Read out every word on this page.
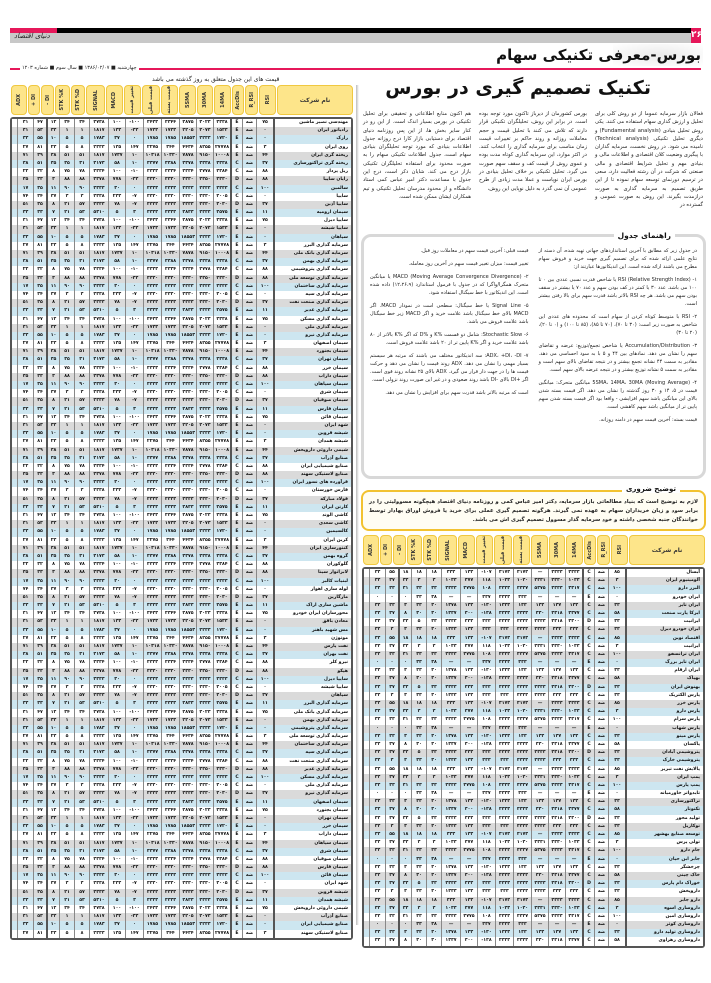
۲۶
دنیای اقتصاد
بورس-معرفی تکنیکی سهام
چهارشنبه ■ ۱۳۸۶/۰۲/۰۷ ■ سال سوم ■ شماره ۱۲۰۳
قیمت های این جدول متعلق به روز گذشته می باشد	تکنیک تصمیم گیری در بورس
فعالان بازار سرمایه عموما از دو روش کلی برای تحلیل و ارزش گذاری سهام استفاده می کنند. یکی روش تحلیل بنیادی (Fundamental analysis) و دیگری تحلیل تکنیکی (Technical analysis) نامیده می شود. در روش نخست، سرمایه گذاران با پیگیری وضعیت کلان اقتصادی و اطلاعات مالی و بنیادی مهم و تحلیل شرایط اقتصادی و مالی صنعتی که شرکت در آن رشته فعالیت دارد، سعی در ترسیم دورنمای توسعه سهام نموده تا از این طریق تصمیم به سرمایه گذاری به صورت درازمدت بگیرند. این روش به صورت عمومی و گسترده در
بورس کشورمان از دیرباز تاکنون مورد توجه بوده است. در برابر این روش، تحلیلگران تکنیکی قرار دارند که تلاش می کنند با تحلیل قیمت و حجم معاملات روزانه و روند حاکم بر تغییرات قیمت زمان مناسب برای سرمایه گذاری را انتخاب کنند. در اکثر موارد، این سرمایه گذاری کوتاه مدت بوده و عموی روش از قیمت کف و سقف سهم صورت می گیرد. تحلیل تکنیکی بر خلاف تحلیل بنیادی در بورس ایران نوپاست و عملا مدت زیادی از طرح عمومی آن نمی گذرد به دلیل نوپایی این روش،
هم اکنون منابع اطلاعاتی و تحقیقی برای تحلیل تکنیکی در بورس بسیار اندک است. از این رو در کنار سایر بخش ها، از این پس روزنامه دنیای اقتصاد برای دستیابی بازار کارا درج روزانه جدول اطلاعات بنیادی که مورد توجه تحلیلگران بنیادی سهام است، جدول اطلاعات تکنیکی سهام را به صورت محدود برای استفاده تحلیلگران تکنیکی بازار درج می کند. شایان ذکر است، درج این جدول با مساعدت دکتر امیر عباس کمی استاد دانشگاه و از محدود مدرسان تحلیل تکنیکی و تیم همکاران ایشان ممکن شده است.
راهنمای جدول

در جدول زیر که مطابق با آخرین استانداردهای جهانی تهیه شده، آن دسته از نتایج علمی ارائه شده که برای تصمیم گیری جهت خرید و فروش سهام مطرح می باشند ارائه شده است. این اندیکاتورها عبارتند از:

۱- RSI (Relative Strength Index) یا شاخص قدرت نسبی عددی بین ۰ تا ۱۰۰ می باشد. عدد ۳۰ یا کمتر در کف بودن سهم و عدد ۷۰ یا بیشتر در سقف بودن سهم می باشد. هر چه RSI بالاتر باشد قدرت سهم برای بالا رفتن بیشتر است.

۲- RSI با متوسط کوتاه کردن از سهام است که محدوده های عددی این شاخص به صورت زیر است: (۳۰ تا ۷۰)، (۷۰ تا ۸۵)، (۸۵ تا ۱۰۰) و (۰ تا ۲۰)، (۲۰ تا ۳۰)

۳- Accumulation/Distribution یا شاخص تجمع/توزیع: عرضه و تقاضای سهم را نشان می دهد. نمادهای بین ۴۴ و ۵ با به سود احساسی می دهد. مقادیر به سمت ۴۴ نشانه تجمع بیشتر و در نتیجه تقاضای بالای سهم است و مقادیر به سمت ۵ نشانه توزیع بیشتر و در نتیجه عرضه بالای سهم است.

۴- 5SMA، 14MA، 30MA (Moving Average) میانگین متحرک: میانگین قیمت در ۵، ۱۴ و ۳۰ روز گذشته را نشان می دهد. اگر قیمت بسته شدن بالای این میانگین باشد سهم افزایشی - واقعا بود اگر قیمت بسته شدن سهم پایین تر از میانگین باشد سهم کاهشی است.

قیمت بسته: آخرین قیمت سهم در دامنه روزانه.

قیمت قبلی: آخرین قیمت سهم در معاملات روز قبل.

تغییر قیمت: میزان تغییر قیمت سهم در آخرین روز معامله.

۲- MACD (Moving Average Convergence Divergence) یا میانگین متحرک همگرا/واگرا که در جدول با فرمول استاندارد (۱۲،۲۶،۹) داده شده است. این اندیکاتور با خط سیگنال استفاده شود.

۵- Signal Line یا خط سیگنال: سطحی است در نمودار MACD. اگر MACD بالای خط سیگنال باشد علامت خرید و اگر MACD زیر خط سیگنال باشد علامت فروش می باشد.

۶- Stochastic Slow: شامل دو قسمت %K و %D که اگر %K بالاتر از ۸۰ باشد علامت خرید و اگر %K پایین تر از ۲۰ باشد علامت فروش است.

۷- ADX، +DI، -DI: سه اندیکاتور مختلف می باشند که مرتبه هر سیستم بسیار مهمی را نشان می دهد. ADX روند قیمت را نشان می دهد و حرکت قیمت ها را در جهت دار قرار می گیرد. ADX بالای ۲۵ نشانه روند قوی است. اگر +DI بالای -DI باشد روند صعودی و در غیر این صورت روند نزولی است.

است که مرتبه بالاتر باشد قدرت سهم برای افزایش را نشان می دهد.

توضیح ضروری
لازم به توضیح است که بنیاد مطالعاتی بازار سرمایه، دکتر امیر عباس کمی و روزنامه دنیای اقتصاد هیچگونه مسوولیتی را در برابر سود و زیان خریداران سهام به عهده نمی گیرند. هرگونه تصمیم گیری عملی برای خرید یا فروش اوراق بهادار توسط خوانندگان جنبه شخصی داشته و خود سرمایه گذار مسوول تصمیم گیری اش می باشد.
نام شرکت
RSI
R_RSI
AccDis
14MA
30MA
5SMA
قیمت بسته
قیمت قبلی
تغییر قیمت
MACD
SIGNAL
STK %D
STK %K
- DI
+ DI
ADX
مهندسی نصیر ماشین
۷۵
ضه
E
۳۳۳۸
۳۰۲۳
۳۸۷۵
۳۳۴۴
۳۴۳۳
-۱۰۰
۱۰۰
۳۷۳۸
۳۴
۳۴
۱۲
۴۷
۳۱
رادیاتور ایران
۰
ضه
E
۱۵۳۳
۲۰۷۳
۲۲۰۵
۱۷۳۳
۱۷۳۳
-۳۳
۱۳۳
۱۸۱۷
۱
۱
۳۳
۵۳
۳۱
رازک
۰
ضه
E
۱۷۲۰
۲۲۳۳
۱۸۵۵۳
۱۷۸۵
۱۷۸۵
۰
۳۷
۱۷۸۳
۵
۵
۱۰
۵۵
۳۳
روی ایران
۳
ضه
E
۲۷۷۷۸
۸۲۵۵
۴۴۳۴
۳۴۴
۲۲۷۵
۱۴۷
۱۳۵
۲۳۳۳
۸
۵
۲۳
۸۱
۲۷
ریخته گری ایران
۴۴
ضه
E
۱۰۰۰۸
۹۱۵۰
۷۸۷۸
۱۰۳۳۰
۱۰۳۱۸
۱۰
۱۷۳۷
۱۸۱۷
۵۱
۵۱
۳۸
۳۹
۷۱
ریخته گری تراکتورسازی
۳۷
ضه
C
۳۳۳۸
۳۳۳۸
۳۳۷۸
۳۳۸۸
۳۳۷۷
۱۰
۵۸
۳۱۷۳
۳۱
۳۵
۳۵
۵۱
۳۸
ریل پرداز
۸۸
ضه
C
۳۳۸۴
۲۷۷۸
۳۳۳۴
۳۳۳۴
۳۳۳۳
-۱۰
۱۰۰
۳۳۳۴
۷۸
۷۵
۸
۳۲
۲۲
رایان ساپیا
۸۸
ضه
D
۳۳۳۰
۳۳۵۰
۳۳۳۰
۳۳۳۰
۳۳۳۰
-۳۳
۷۷۸
۳۳۷۸
۸۸
۸۸
۳
۳۳
۳۵
سالمین
۱۰۰
ضه
C
۳۳۳۳
۳۳۳۳
۳۳۳۳
۳۳۳۳
۳۳۳۳
۰
۳۰
۳۳۳۳
۹۰
۹۰
۱۱
۳۵
۱۷
سایپا
۰
ضه
C
۳۰۰۵
۳۳۳۰
۳۳۳۰
۳۳۳۰
۳۳۳۰
-۷
۲۳۳
۳۳۳۸
۳
۳
۳۷
۳۴
۷۴
سایپا آذین
۳۷
ضه
D
۳۰۳۰
۳۳۳۰
۳۳۳۳
۳۳۳۳
۳۳۳۳
-۷
۷۸
۳۳۳۳
۵۷
۲۱
۸
۳۵
۵۱
سیمان ارومیه
۱۱
ضه
E
۳۵۷۵
۳۳۳۳
۳۸۳۳
۳۳۳۳
۳۳۳۳
۳
۵
۵۳۱۰
۵۳
۲۱
۷
۳۳
۳۳
سایپا دیزل
۷۵
ضه
E
۳۳۳۸
۳۰۲۳
۳۸۷۵
۳۳۴۴
۳۴۳۳
-۱۰۰
۱۰۰
۳۷۳۸
۳۴
۳۴
۱۲
۴۷
۳۱
سایپا شیشه
۰
ضه
E
۱۵۳۳
۲۰۷۳
۲۲۰۵
۱۷۳۳
۱۷۳۳
-۳۳
۱۳۳
۱۸۱۷
۱
۱
۳۳
۵۳
۳۱
سپاهان
۰
ضه
E
۱۷۲۰
۲۲۳۳
۱۸۵۵۳
۱۷۸۵
۱۷۸۵
۰
۳۷
۱۷۸۳
۵
۵
۱۰
۵۵
۳۳
سرمایه گذاری البرز
۳
ضه
E
۲۷۷۷۸
۸۲۵۵
۴۴۳۴
۳۴۴
۲۲۷۵
۱۴۷
۱۳۵
۲۳۳۳
۸
۵
۲۳
۸۱
۲۷
سرمایه گذاری بانک ملی
۴۴
ضه
E
۱۰۰۰۸
۹۱۵۰
۷۸۷۸
۱۰۳۳۰
۱۰۳۱۸
۱۰
۱۷۳۷
۱۸۱۷
۵۱
۵۱
۳۸
۳۹
۷۱
سرمایه گذاری بهمن
۳۷
ضه
C
۳۳۳۸
۳۳۳۸
۳۳۷۸
۳۳۸۸
۳۳۷۷
۱۰
۵۸
۳۱۷۳
۳۱
۳۵
۳۵
۵۱
۳۸
سرمایه گذاری پتروشیمی
۸۸
ضه
C
۳۳۸۴
۲۷۷۸
۳۳۳۴
۳۳۳۴
۳۳۳۳
-۱۰
۱۰۰
۳۳۳۴
۷۸
۷۵
۸
۳۲
۲۲
سرمایه گذاری توسعه ملی
۸۸
ضه
D
۳۳۳۰
۳۳۵۰
۳۳۳۰
۳۳۳۰
۳۳۳۰
-۳۳
۷۷۸
۳۳۷۸
۸۸
۸۸
۳
۳۳
۳۵
سرمایه گذاری ساختمان
۱۰۰
ضه
C
۳۳۳۳
۳۳۳۳
۳۳۳۳
۳۳۳۳
۳۳۳۳
۰
۳۰
۳۳۳۳
۹۰
۹۰
۱۱
۳۵
۱۷
سرمایه گذاری سپه
۰
ضه
C
۳۰۰۵
۳۳۳۰
۳۳۳۰
۳۳۳۰
۳۳۳۰
-۷
۲۳۳
۳۳۳۸
۳
۳
۳۷
۳۴
۷۴
سرمایه گذاری صنعت نفت
۳۷
ضه
D
۳۰۳۰
۳۳۳۰
۳۳۳۳
۳۳۳۳
۳۳۳۳
-۷
۷۸
۳۳۳۳
۵۷
۲۱
۸
۳۵
۵۱
سرمایه گذاری غدیر
۱۱
ضه
E
۳۵۷۵
۳۳۳۳
۳۸۳۳
۳۳۳۳
۳۳۳۳
۳
۵
۵۳۱۰
۵۳
۲۱
۷
۳۳
۳۳
سرمایه گذاری مسکن
۷۵
ضه
E
۳۳۳۸
۳۰۲۳
۳۸۷۵
۳۳۴۴
۳۴۳۳
-۱۰۰
۱۰۰
۳۷۳۸
۳۴
۳۴
۱۲
۴۷
۳۱
سرمایه گذاری ملی
۰
ضه
E
۱۵۳۳
۲۰۷۳
۲۲۰۵
۱۷۳۳
۱۷۳۳
-۳۳
۱۳۳
۱۸۱۷
۱
۱
۳۳
۵۳
۳۱
سرمایه گذاری نیرو
۰
ضه
E
۱۷۲۰
۲۲۳۳
۱۸۵۵۳
۱۷۸۵
۱۷۸۵
۰
۳۷
۱۷۸۳
۵
۵
۱۰
۵۵
۳۳
سیمان اصفهان
۳
ضه
E
۲۷۷۷۸
۸۲۵۵
۴۴۳۴
۳۴۴
۲۲۷۵
۱۴۷
۱۳۵
۲۳۳۳
۸
۵
۲۳
۸۱
۲۷
سیمان بجنورد
۴۴
ضه
E
۱۰۰۰۸
۹۱۵۰
۷۸۷۸
۱۰۳۳۰
۱۰۳۱۸
۱۰
۱۷۳۷
۱۸۱۷
۵۱
۵۱
۳۸
۳۹
۷۱
سیمان تهران
۳۷
ضه
C
۳۳۳۸
۳۳۳۸
۳۳۷۸
۳۳۸۸
۳۳۷۷
۱۰
۵۸
۳۱۷۳
۳۱
۳۵
۳۵
۵۱
۳۸
سیمان خزر
۸۸
ضه
C
۳۳۸۴
۲۷۷۸
۳۳۳۴
۳۳۳۴
۳۳۳۳
-۱۰
۱۰۰
۳۳۳۴
۷۸
۷۵
۸
۳۲
۲۲
سیمان داراب
۸۸
ضه
D
۳۳۳۰
۳۳۵۰
۳۳۳۰
۳۳۳۰
۳۳۳۰
-۳۳
۷۷۸
۳۳۷۸
۸۸
۸۸
۳
۳۳
۳۵
سیمان سپاهان
۱۰۰
ضه
C
۳۳۳۳
۳۳۳۳
۳۳۳۳
۳۳۳۳
۳۳۳۳
۰
۳۰
۳۳۳۳
۹۰
۹۰
۱۱
۳۵
۱۷
سیمان شرق
۰
ضه
C
۳۰۰۵
۳۳۳۰
۳۳۳۰
۳۳۳۰
۳۳۳۰
-۷
۲۳۳
۳۳۳۸
۳
۳
۳۷
۳۴
۷۴
سیمان صوفیان
۳۷
ضه
D
۳۰۳۰
۳۳۳۰
۳۳۳۳
۳۳۳۳
۳۳۳۳
-۷
۷۸
۳۳۳۳
۵۷
۲۱
۸
۳۵
۵۱
سیمان فارس
۱۱
ضه
E
۳۵۷۵
۳۳۳۳
۳۸۳۳
۳۳۳۳
۳۳۳۳
۳
۵
۵۳۱۰
۵۳
۲۱
۷
۳۳
۳۳
سیمان قائن
۷۵
ضه
E
۳۳۳۸
۳۰۲۳
۳۸۷۵
۳۳۴۴
۳۴۳۳
-۱۰۰
۱۰۰
۳۷۳۸
۳۴
۳۴
۱۲
۴۷
۳۱
شهد ایران
۰
ضه
E
۱۵۳۳
۲۰۷۳
۲۲۰۵
۱۷۳۳
۱۷۳۳
-۳۳
۱۳۳
۱۸۱۷
۱
۱
۳۳
۵۳
۳۱
شیشه قزوین
۰
ضه
E
۱۷۲۰
۲۲۳۳
۱۸۵۵۳
۱۷۸۵
۱۷۸۵
۰
۳۷
۱۷۸۳
۵
۵
۱۰
۵۵
۳۳
شیشه همدان
۳
ضه
E
۲۷۷۷۸
۸۲۵۵
۴۴۳۴
۳۴۴
۲۲۷۵
۱۴۷
۱۳۵
۲۳۳۳
۸
۵
۲۳
۸۱
۲۷
شیمی داروئی داروپخش
۴۴
ضه
E
۱۰۰۰۸
۹۱۵۰
۷۸۷۸
۱۰۳۳۰
۱۰۳۱۸
۱۰
۱۷۳۷
۱۸۱۷
۵۱
۵۱
۳۸
۳۹
۷۱
صنایع آذرآب
۳۷
ضه
C
۳۳۳۸
۳۳۳۸
۳۳۷۸
۳۳۸۸
۳۳۷۷
۱۰
۵۸
۳۱۷۳
۳۱
۳۵
۳۵
۵۱
۳۸
صنایع شیمیایی ایران
۸۸
ضه
C
۳۳۸۴
۲۷۷۸
۳۳۳۴
۳۳۳۴
۳۳۳۳
-۱۰
۱۰۰
۳۳۳۴
۷۸
۷۵
۸
۳۲
۲۲
صنایع لاستیکی سهند
۸۸
ضه
D
۳۳۳۰
۳۳۵۰
۳۳۳۰
۳۳۳۰
۳۳۳۰
-۳۳
۷۷۸
۳۳۷۸
۸۸
۸۸
۳
۳۳
۳۵
فرآورده های نسوز ایران
۱۰۰
ضه
C
۳۳۳۳
۳۳۳۳
۳۳۳۳
۳۳۳۳
۳۳۳۳
۰
۳۰
۳۳۳۳
۹۰
۹۰
۱۱
۳۵
۱۷
فارس خوزستان
۰
ضه
C
۳۰۰۵
۳۳۳۰
۳۳۳۰
۳۳۳۰
۳۳۳۰
-۷
۲۳۳
۳۳۳۸
۳
۳
۳۷
۳۴
۷۴
فولاد مبارکه
۳۷
ضه
D
۳۰۳۰
۳۳۳۰
۳۳۳۳
۳۳۳۳
۳۳۳۳
-۷
۷۸
۳۳۳۳
۵۷
۲۱
۸
۳۵
۵۱
کارتن ایران
۱۱
ضه
E
۳۵۷۵
۳۳۳۳
۳۸۳۳
۳۳۳۳
۳۳۳۳
۳
۵
۵۳۱۰
۵۳
۲۱
۷
۳۳
۳۳
کاشی الوند
۷۵
ضه
E
۳۳۳۸
۳۰۲۳
۳۸۷۵
۳۳۴۴
۳۴۳۳
-۱۰۰
۱۰۰
۳۷۳۸
۳۴
۳۴
۱۲
۴۷
۳۱
کاشی سعدی
۰
ضه
E
۱۵۳۳
۲۰۷۳
۲۲۰۵
۱۷۳۳
۱۷۳۳
-۳۳
۱۳۳
۱۸۱۷
۱
۱
۳۳
۵۳
۳۱
کالسیمین
۰
ضه
E
۱۷۲۰
۲۲۳۳
۱۸۵۵۳
۱۷۸۵
۱۷۸۵
۰
۳۷
۱۷۸۳
۵
۵
۱۰
۵۵
۳۳
کربن ایران
۳
ضه
E
۲۷۷۷۸
۸۲۵۵
۴۴۳۴
۳۴۴
۲۲۷۵
۱۴۷
۱۳۵
۲۳۳۳
۸
۵
۲۳
۸۱
۲۷
کنتورسازی ایران
۴۴
ضه
E
۱۰۰۰۸
۹۱۵۰
۷۸۷۸
۱۰۳۳۰
۱۰۳۱۸
۱۰
۱۷۳۷
۱۸۱۷
۵۱
۵۱
۳۸
۳۹
۷۱
گروه بهمن
۳۷
ضه
C
۳۳۳۸
۳۳۳۸
۳۳۷۸
۳۳۸۸
۳۳۷۷
۱۰
۵۸
۳۱۷۳
۳۱
۳۵
۳۵
۵۱
۳۸
گلوکوزان
۸۸
ضه
C
۳۳۸۴
۲۷۷۸
۳۳۳۴
۳۳۳۴
۳۳۳۳
-۱۰
۱۰۰
۳۳۳۴
۷۸
۷۵
۸
۳۲
۲۲
لابراتوار سینا
۸۸
ضه
D
۳۳۳۰
۳۳۵۰
۳۳۳۰
۳۳۳۰
۳۳۳۰
-۳۳
۷۷۸
۳۳۷۸
۸۸
۸۸
۳
۳۳
۳۵
لبنیات کالبر
۱۰۰
ضه
C
۳۳۳۳
۳۳۳۳
۳۳۳۳
۳۳۳۳
۳۳۳۳
۰
۳۰
۳۳۳۳
۹۰
۹۰
۱۱
۳۵
۱۷
لوله سازی اهواز
۰
ضه
C
۳۰۰۵
۳۳۳۰
۳۳۳۰
۳۳۳۰
۳۳۳۰
-۷
۲۳۳
۳۳۳۸
۳
۳
۳۷
۳۴
۷۴
مارگارین
۳۷
ضه
D
۳۰۳۰
۳۳۳۰
۳۳۳۳
۳۳۳۳
۳۳۳۳
-۷
۷۸
۳۳۳۳
۵۷
۲۱
۸
۳۵
۵۱
ماشین سازی اراک
۱۱
ضه
E
۳۵۷۵
۳۳۳۳
۳۸۳۳
۳۳۳۳
۳۳۳۳
۳
۵
۵۳۱۰
۵۳
۲۱
۷
۳۳
۳۳
محورسازان ایران خودرو
۷۵
ضه
E
۳۳۳۸
۳۰۲۳
۳۸۷۵
۳۳۴۴
۳۴۳۳
-۱۰۰
۱۰۰
۳۷۳۸
۳۴
۳۴
۱۲
۴۷
۳۱
معادن بافق
۰
ضه
E
۱۵۳۳
۲۰۷۳
۲۲۰۵
۱۷۳۳
۱۷۳۳
-۳۳
۱۳۳
۱۸۱۷
۱
۱
۳۳
۵۳
۳۱
مس شهید باهنر
۰
ضه
E
۱۷۲۰
۲۲۳۳
۱۸۵۵۳
۱۷۸۵
۱۷۸۵
۰
۳۷
۱۷۸۳
۵
۵
۱۰
۵۵
۳۳
موتوژن
۳
ضه
E
۲۷۷۷۸
۸۲۵۵
۴۴۳۴
۳۴۴
۲۲۷۵
۱۴۷
۱۳۵
۲۳۳۳
۸
۵
۲۳
۸۱
۲۷
نفت پارس
۴۴
ضه
E
۱۰۰۰۸
۹۱۵۰
۷۸۷۸
۱۰۳۳۰
۱۰۳۱۸
۱۰
۱۷۳۷
۱۸۱۷
۵۱
۵۱
۳۸
۳۹
۷۱
نفت بهران
۳۷
ضه
C
۳۳۳۸
۳۳۳۸
۳۳۷۸
۳۳۸۸
۳۳۷۷
۱۰
۵۸
۳۱۷۳
۳۱
۳۵
۳۵
۵۱
۳۸
نیرو کلر
۸۸
ضه
C
۳۳۸۴
۲۷۷۸
۳۳۳۴
۳۳۳۴
۳۳۳۳
-۱۰
۱۰۰
۳۳۳۴
۷۸
۷۵
۸
۳۲
۲۲
هپکو
۸۸
ضه
D
۳۳۳۰
۳۳۵۰
۳۳۳۰
۳۳۳۰
۳۳۳۰
-۳۳
۷۷۸
۳۳۷۸
۸۸
۸۸
۳
۳۳
۳۵
سایپا دیزل
۱۰۰
ضه
C
۳۳۳۳
۳۳۳۳
۳۳۳۳
۳۳۳۳
۳۳۳۳
۰
۳۰
۳۳۳۳
۹۰
۹۰
۱۱
۳۵
۱۷
سایپا شیشه
۰
ضه
C
۳۰۰۵
۳۳۳۰
۳۳۳۰
۳۳۳۰
۳۳۳۰
-۷
۲۳۳
۳۳۳۸
۳
۳
۳۷
۳۴
۷۴
سپاهان
۳۷
ضه
D
۳۰۳۰
۳۳۳۰
۳۳۳۳
۳۳۳۳
۳۳۳۳
-۷
۷۸
۳۳۳۳
۵۷
۲۱
۸
۳۵
۵۱
سرمایه گذاری البرز
۱۱
ضه
E
۳۵۷۵
۳۳۳۳
۳۸۳۳
۳۳۳۳
۳۳۳۳
۳
۵
۵۳۱۰
۵۳
۲۱
۷
۳۳
۳۳
سرمایه گذاری بانک ملی
۷۵
ضه
E
۳۳۳۸
۳۰۲۳
۳۸۷۵
۳۳۴۴
۳۴۳۳
-۱۰۰
۱۰۰
۳۷۳۸
۳۴
۳۴
۱۲
۴۷
۳۱
سرمایه گذاری بهمن
۰
ضه
E
۱۵۳۳
۲۰۷۳
۲۲۰۵
۱۷۳۳
۱۷۳۳
-۳۳
۱۳۳
۱۸۱۷
۱
۱
۳۳
۵۳
۳۱
سرمایه گذاری پتروشیمی
۰
ضه
E
۱۷۲۰
۲۲۳۳
۱۸۵۵۳
۱۷۸۵
۱۷۸۵
۰
۳۷
۱۷۸۳
۵
۵
۱۰
۵۵
۳۳
سرمایه گذاری توسعه ملی
۳
ضه
E
۲۷۷۷۸
۸۲۵۵
۴۴۳۴
۳۴۴
۲۲۷۵
۱۴۷
۱۳۵
۲۳۳۳
۸
۵
۲۳
۸۱
۲۷
سرمایه گذاری ساختمان
۴۴
ضه
E
۱۰۰۰۸
۹۱۵۰
۷۸۷۸
۱۰۳۳۰
۱۰۳۱۸
۱۰
۱۷۳۷
۱۸۱۷
۵۱
۵۱
۳۸
۳۹
۷۱
سرمایه گذاری سپه
۳۷
ضه
C
۳۳۳۸
۳۳۳۸
۳۳۷۸
۳۳۸۸
۳۳۷۷
۱۰
۵۸
۳۱۷۳
۳۱
۳۵
۳۵
۵۱
۳۸
سرمایه گذاری صنعت نفت
۸۸
ضه
C
۳۳۸۴
۲۷۷۸
۳۳۳۴
۳۳۳۴
۳۳۳۳
-۱۰
۱۰۰
۳۳۳۴
۷۸
۷۵
۸
۳۲
۲۲
سرمایه گذاری غدیر
۸۸
ضه
D
۳۳۳۰
۳۳۵۰
۳۳۳۰
۳۳۳۰
۳۳۳۰
-۳۳
۷۷۸
۳۳۷۸
۸۸
۸۸
۳
۳۳
۳۵
سرمایه گذاری مسکن
۱۰۰
ضه
C
۳۳۳۳
۳۳۳۳
۳۳۳۳
۳۳۳۳
۳۳۳۳
۰
۳۰
۳۳۳۳
۹۰
۹۰
۱۱
۳۵
۱۷
سرمایه گذاری ملی
۰
ضه
C
۳۰۰۵
۳۳۳۰
۳۳۳۰
۳۳۳۰
۳۳۳۰
-۷
۲۳۳
۳۳۳۸
۳
۳
۳۷
۳۴
۷۴
سرمایه گذاری نیرو
۳۷
ضه
D
۳۰۳۰
۳۳۳۰
۳۳۳۳
۳۳۳۳
۳۳۳۳
-۷
۷۸
۳۳۳۳
۵۷
۲۱
۸
۳۵
۵۱
سیمان اصفهان
۱۱
ضه
E
۳۵۷۵
۳۳۳۳
۳۸۳۳
۳۳۳۳
۳۳۳۳
۳
۵
۵۳۱۰
۵۳
۲۱
۷
۳۳
۳۳
سیمان بجنورد
۷۵
ضه
E
۳۳۳۸
۳۰۲۳
۳۸۷۵
۳۳۴۴
۳۴۳۳
-۱۰۰
۱۰۰
۳۷۳۸
۳۴
۳۴
۱۲
۴۷
۳۱
سیمان تهران
۰
ضه
E
۱۵۳۳
۲۰۷۳
۲۲۰۵
۱۷۳۳
۱۷۳۳
-۳۳
۱۳۳
۱۸۱۷
۱
۱
۳۳
۵۳
۳۱
سیمان خزر
۰
ضه
E
۱۷۲۰
۲۲۳۳
۱۸۵۵۳
۱۷۸۵
۱۷۸۵
۰
۳۷
۱۷۸۳
۵
۵
۱۰
۵۵
۳۳
سیمان داراب
۳
ضه
E
۲۷۷۷۸
۸۲۵۵
۴۴۳۴
۳۴۴
۲۲۷۵
۱۴۷
۱۳۵
۲۳۳۳
۸
۵
۲۳
۸۱
۲۷
سیمان سپاهان
۴۴
ضه
E
۱۰۰۰۸
۹۱۵۰
۷۸۷۸
۱۰۳۳۰
۱۰۳۱۸
۱۰
۱۷۳۷
۱۸۱۷
۵۱
۵۱
۳۸
۳۹
۷۱
سیمان شرق
۳۷
ضه
C
۳۳۳۸
۳۳۳۸
۳۳۷۸
۳۳۸۸
۳۳۷۷
۱۰
۵۸
۳۱۷۳
۳۱
۳۵
۳۵
۵۱
۳۸
سیمان صوفیان
۸۸
ضه
C
۳۳۸۴
۲۷۷۸
۳۳۳۴
۳۳۳۴
۳۳۳۳
-۱۰
۱۰۰
۳۳۳۴
۷۸
۷۵
۸
۳۲
۲۲
سیمان فارس
۸۸
ضه
D
۳۳۳۰
۳۳۵۰
۳۳۳۰
۳۳۳۰
۳۳۳۰
-۳۳
۷۷۸
۳۳۷۸
۸۸
۸۸
۳
۳۳
۳۵
سیمان قائن
۱۰۰
ضه
C
۳۳۳۳
۳۳۳۳
۳۳۳۳
۳۳۳۳
۳۳۳۳
۰
۳۰
۳۳۳۳
۹۰
۹۰
۱۱
۳۵
۱۷
شهد ایران
۰
ضه
C
۳۰۰۵
۳۳۳۰
۳۳۳۰
۳۳۳۰
۳۳۳۰
-۷
۲۳۳
۳۳۳۸
۳
۳
۳۷
۳۴
۷۴
شیشه قزوین
۳۷
ضه
D
۳۰۳۰
۳۳۳۰
۳۳۳۳
۳۳۳۳
۳۳۳۳
-۷
۷۸
۳۳۳۳
۵۷
۲۱
۸
۳۵
۵۱
شیشه همدان
۱۱
ضه
E
۳۵۷۵
۳۳۳۳
۳۸۳۳
۳۳۳۳
۳۳۳۳
۳
۵
۵۳۱۰
۵۳
۲۱
۷
۳۳
۳۳
شیمی داروئی داروپخش
۷۵
ضه
E
۳۳۳۸
۳۰۲۳
۳۸۷۵
۳۳۴۴
۳۴۳۳
-۱۰۰
۱۰۰
۳۷۳۸
۳۴
۳۴
۱۲
۴۷
۳۱
صنایع آذرآب
۰
ضه
E
۱۵۳۳
۲۰۷۳
۲۲۰۵
۱۷۳۳
۱۷۳۳
-۳۳
۱۳۳
۱۸۱۷
۱
۱
۳۳
۵۳
۳۱
صنایع شیمیایی ایران
۰
ضه
E
۱۷۲۰
۲۲۳۳
۱۸۵۵۳
۱۷۸۵
۱۷۸۵
۰
۳۷
۱۷۸۳
۵
۵
۱۰
۵۵
۳۳
صنایع لاستیکی سهند
۳
ضه
E
۲۷۷۷۸
۸۲۵۵
۴۴۳۴
۳۴۴
۲۲۷۵
۱۴۷
۱۳۵
۲۳۳۳
۸
۵
۲۳
۸۱
۲۷
نام شرکت
RSI
R_RSI
AccDis
14MA
30MA
5SMA
قیمت بسته
قیمت قبلی
تغییر قیمت
MACD
SIGNAL
STK %D
STK %K
- DI
+ DI
ADX
آبسال
۸۵
ضه
C
۳۳۳۳
۳۳۳۳
—
۳۱۷۳
۳۱۷۳
-۱۰۷
۱۳۳
۳۳۳
۱۸
۱۸
۱۸
۵۵
۳۳
آلومینیوم ایران
۳
ضه
C
۱۰۳۳
۳۳۳۰
۳۳۳۱
۱۰۳۰
۱۰۳۳
۱۱۸
۳۷۷
۱۰۳۳
۳
۳
۳۳
۳۷
۳۳
البرز دارو
۱۰۰
ضه
C
۳۳۱۷
۳۳۳۳
۵۳۷۵
۳۳۳۷
۳۳۳۳
۱۰۸
۳۷۷۵
۳۳۳۳
۳۳
۳۳
۳۱
۳۳
۳۳
ایران خودرو
۰
ضه
E
—
—
—
۳۳۳
۳۳۳۳
۳۳۷
—
—
۳۸
۳۳
۰
۰
۰
ایران تایر
۳۳
ضه
C
۱۳۳
۱۳۷
۱۳۳
۱۳۳
۱۳۳۳
-۱۳۰
۱۳۳
۱۳۷۸
۳۰
۳۳
۳
۳۳
۳۳
ایرکا پارت صنعت
۵۸
ضه
C
۳۳۷۷
۳۳۱۸
۳۳۰
۳۳۳۳
۳۳۳۳
-۱۳۸
۳۰۰
۱۳۳۷
۳۰
۳۰
۸
۳۷
۳۳
ایرانیت
۳۳
ضه
D
۳۳۰۰
۳۳۱۸
۳۳۳۳
۳۳۳۳
۳۳۳۳
۳۳۳
۳۳۳
۳۳۳۳
۳۳
۵
۳۳
۳۷
۳۳
ایران خودرو دیزل
۳۳
ضه
C
۳۳۳
۳۳۳
۳۳۳۳
۳۳۳۳
۳۳۳
۳۳۳
۱۳۳
۱۳۳۳
۳۰
۳۳
۳
۳
۳۳
اقتصاد نوین
۸۵
ضه
C
۳۳۳۳
۳۳۳۳
—
۳۱۷۳
۳۱۷۳
-۱۰۷
۱۳۳
۳۳۳
۱۸
۱۸
۱۸
۵۵
۳۳
ایرانیت
۳
ضه
C
۱۰۳۳
۳۳۳۰
۳۳۳۱
۱۰۳۰
۱۰۳۳
۱۱۸
۳۷۷
۱۰۳۳
۳
۳
۳۳
۳۷
۳۳
ایران ترانسفو
۱۰۰
ضه
C
۳۳۱۷
۳۳۳۳
۵۳۷۵
۳۳۳۷
۳۳۳۳
۱۰۸
۳۷۷۵
۳۳۳۳
۳۳
۳۳
۳۱
۳۳
۳۳
ایران تایر بزرگ
۰
ضه
E
—
—
—
۳۳۳
۳۳۳۳
۳۳۷
—
—
۳۸
۳۳
۰
۰
۰
ایران ارقام
۳۳
ضه
C
۱۳۳
۱۳۷
۱۳۳
۱۳۳
۱۳۳۳
-۱۳۰
۱۳۳
۱۳۷۸
۳۰
۳۳
۳
۳۳
۳۳
بهپاک
۵۸
ضه
C
۳۳۷۷
۳۳۱۸
۳۳۰
۳۳۳۳
۳۳۳۳
-۱۳۸
۳۰۰
۱۳۳۷
۳۰
۳۰
۸
۳۷
۳۳
بهنوش ایران
۳۳
ضه
D
۳۳۰۰
۳۳۱۸
۳۳۳۳
۳۳۳۳
۳۳۳۳
۳۳۳
۳۳۳
۳۳۳۳
۳۳
۵
۳۳
۳۷
۳۳
پارس الکتریک
۳۳
ضه
C
۳۳۳
۳۳۳
۳۳۳۳
۳۳۳۳
۳۳۳
۳۳۳
۱۳۳
۱۳۳۳
۳۰
۳۳
۳
۳
۳۳
پارس خزر
۸۵
ضه
C
۳۳۳۳
۳۳۳۳
—
۳۱۷۳
۳۱۷۳
-۱۰۷
۱۳۳
۳۳۳
۱۸
۱۸
۱۸
۵۵
۳۳
پارس دارو
۳
ضه
C
۱۰۳۳
۳۳۳۰
۳۳۳۱
۱۰۳۰
۱۰۳۳
۱۱۸
۳۷۷
۱۰۳۳
۳
۳
۳۳
۳۷
۳۳
پارس سرام
۱۰۰
ضه
C
۳۳۱۷
۳۳۳۳
۵۳۷۵
۳۳۳۷
۳۳۳۳
۱۰۸
۳۷۷۵
۳۳۳۳
۳۳
۳۳
۳۱
۳۳
۳۳
پارس شهاب
۰
ضه
E
—
—
—
۳۳۳
۳۳۳۳
۳۳۷
—
—
۳۸
۳۳
۰
۰
۰
پارس مینو
۳۳
ضه
C
۱۳۳
۱۳۷
۱۳۳
۱۳۳
۱۳۳۳
-۱۳۰
۱۳۳
۱۳۷۸
۳۰
۳۳
۳
۳۳
۳۳
پاکسان
۵۸
ضه
C
۳۳۷۷
۳۳۱۸
۳۳۰
۳۳۳۳
۳۳۳۳
-۱۳۸
۳۰۰
۱۳۳۷
۳۰
۳۰
۸
۳۷
۳۳
پتروشیمی آبادان
۳۳
ضه
D
۳۳۰۰
۳۳۱۸
۳۳۳۳
۳۳۳۳
۳۳۳۳
۳۳۳
۳۳۳
۳۳۳۳
۳۳
۵
۳۳
۳۷
۳۳
پتروشیمی خارک
۳۳
ضه
C
۳۳۳
۳۳۳
۳۳۳۳
۳۳۳۳
۳۳۳
۳۳۳
۱۳۳
۱۳۳۳
۳۰
۳۳
۳
۳
۳۳
پالایش نفت تبریز
۸۵
ضه
C
۳۳۳۳
۳۳۳۳
—
۳۱۷۳
۳۱۷۳
-۱۰۷
۱۳۳
۳۳۳
۱۸
۱۸
۱۸
۵۵
۳۳
پمپ ایران
۳
ضه
C
۱۰۳۳
۳۳۳۰
۳۳۳۱
۱۰۳۰
۱۰۳۳
۱۱۸
۳۷۷
۱۰۳۳
۳
۳
۳۳
۳۷
۳۳
پمپ پارس
۱۰۰
ضه
C
۳۳۱۷
۳۳۳۳
۵۳۷۵
۳۳۳۷
۳۳۳۳
۱۰۸
۳۷۷۵
۳۳۳۳
۳۳
۳۳
۳۱
۳۳
۳۳
تایدواتر خاورمیانه
۰
ضه
E
—
—
—
۳۳۳
۳۳۳۳
۳۳۷
—
—
۳۸
۳۳
۰
۰
۰
تراکتورسازی
۳۳
ضه
C
۱۳۳
۱۳۷
۱۳۳
۱۳۳
۱۳۳۳
-۱۳۰
۱۳۳
۱۳۷۸
۳۰
۳۳
۳
۳۳
۳۳
تکنوتار
۵۸
ضه
C
۳۳۷۷
۳۳۱۸
۳۳۰
۳۳۳۳
۳۳۳۳
-۱۳۸
۳۰۰
۱۳۳۷
۳۰
۳۰
۸
۳۷
۳۳
تولید محور
۳۳
ضه
D
۳۳۰۰
۳۳۱۸
۳۳۳۳
۳۳۳۳
۳۳۳۳
۳۳۳
۳۳۳
۳۳۳۳
۳۳
۵
۳۳
۳۷
۳۳
توکاریل
۳۳
ضه
C
۳۳۳
۳۳۳
۳۳۳۳
۳۳۳۳
۳۳۳
۳۳۳
۱۳۳
۱۳۳۳
۳۰
۳۳
۳
۳
۳۳
توسعه صنایع بهشهر
۸۵
ضه
C
۳۳۳۳
۳۳۳۳
—
۳۱۷۳
۳۱۷۳
-۱۰۷
۱۳۳
۳۳۳
۱۸
۱۸
۱۸
۵۵
۳۳
تولی پرس
۳
ضه
C
۱۰۳۳
۳۳۳۰
۳۳۳۱
۱۰۳۰
۱۰۳۳
۱۱۸
۳۷۷
۱۰۳۳
۳
۳
۳۳
۳۷
۳۳
جام دارو
۱۰۰
ضه
C
۳۳۱۷
۳۳۳۳
۵۳۷۵
۳۳۳۷
۳۳۳۳
۱۰۸
۳۷۷۵
۳۳۳۳
۳۳
۳۳
۳۱
۳۳
۳۳
جابر ابن حیان
۰
ضه
E
—
—
—
۳۳۳
۳۳۳۳
۳۳۷
—
—
۳۸
۳۳
۰
۰
۰
چرخشگر
۳۳
ضه
C
۱۳۳
۱۳۷
۱۳۳
۱۳۳
۱۳۳۳
-۱۳۰
۱۳۳
۱۳۷۸
۳۰
۳۳
۳
۳۳
۳۳
خاک چینی
۵۸
ضه
C
۳۳۷۷
۳۳۱۸
۳۳۰
۳۳۳۳
۳۳۳۳
-۱۳۸
۳۰۰
۱۳۳۷
۳۰
۳۰
۸
۳۷
۳۳
خوراک دام پارس
۳۳
ضه
D
۳۳۰۰
۳۳۱۸
۳۳۳۳
۳۳۳۳
۳۳۳۳
۳۳۳
۳۳۳
۳۳۳۳
۳۳
۵
۳۳
۳۷
۳۳
داروپخش
۳۳
ضه
C
۳۳۳
۳۳۳
۳۳۳۳
۳۳۳۳
۳۳۳
۳۳۳
۱۳۳
۱۳۳۳
۳۰
۳۳
۳
۳
۳۳
دارو جابر
۸۵
ضه
C
۳۳۳۳
۳۳۳۳
—
۳۱۷۳
۳۱۷۳
-۱۰۷
۱۳۳
۳۳۳
۱۸
۱۸
۱۸
۵۵
۳۳
داروسازی اسوه
۳
ضه
C
۱۰۳۳
۳۳۳۰
۳۳۳۱
۱۰۳۰
۱۰۳۳
۱۱۸
۳۷۷
۱۰۳۳
۳
۳
۳۳
۳۷
۳۳
داروسازی امین
۱۰۰
ضه
C
۳۳۱۷
۳۳۳۳
۵۳۷۵
۳۳۳۷
۳۳۳۳
۱۰۸
۳۷۷۵
۳۳۳۳
۳۳
۳۳
۳۱
۳۳
۳۳
داروسازی کوثر
۰
ضه
E
—
—
—
۳۳۳
۳۳۳۳
۳۳۷
—
—
۳۸
۳۳
۰
۰
۰
داروسازی تولید دارو
۳۳
ضه
C
۱۳۳
۱۳۷
۱۳۳
۱۳۳
۱۳۳۳
-۱۳۰
۱۳۳
۱۳۷۸
۳۰
۳۳
۳
۳۳
۳۳
داروسازی زهراوی
۵۸
ضه
C
۳۳۷۷
۳۳۱۸
۳۳۰
۳۳۳۳
۳۳۳۳
-۱۳۸
۳۰۰
۱۳۳۷
۳۰
۳۰
۸
۳۷
۳۳
